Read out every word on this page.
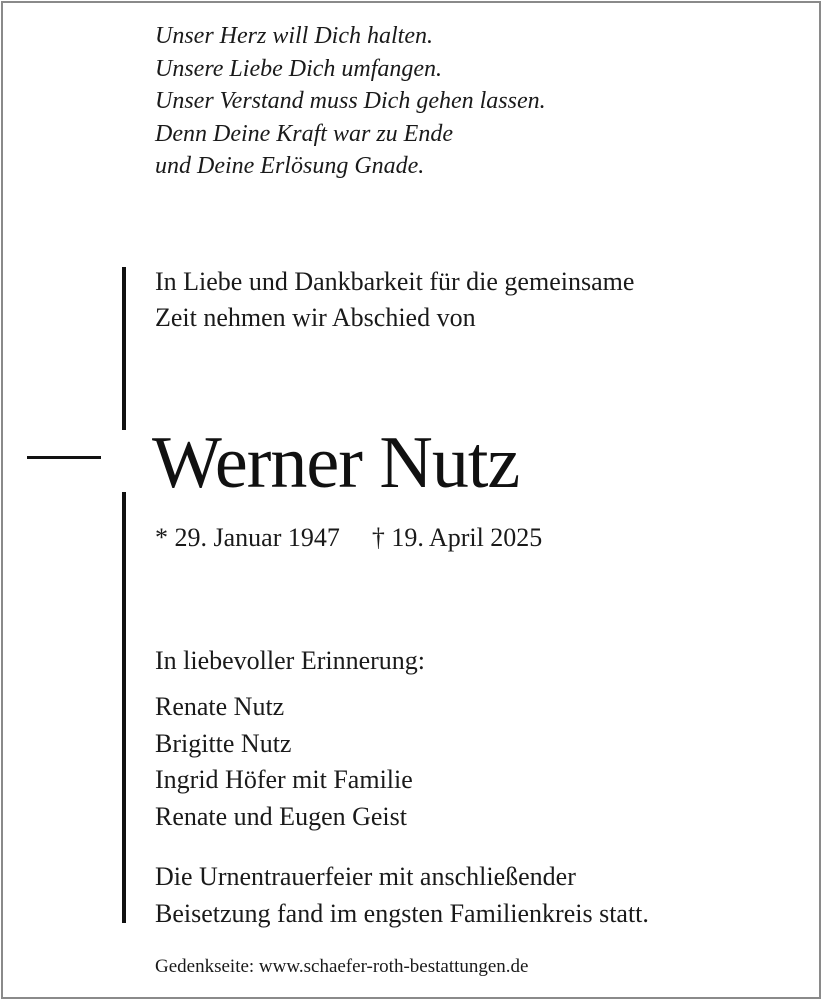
Unser Herz will Dich halten.
Unsere Liebe Dich umfangen.
Unser Verstand muss Dich gehen lassen.
Denn Deine Kraft war zu Ende
und Deine Erlösung Gnade.
In Liebe und Dankbarkeit für die gemeinsame
Zeit nehmen wir Abschied von
Werner Nutz
* 29. Januar 1947 † 19. April 2025
In liebevoller Erinnerung:
Renate Nutz
Brigitte Nutz
Ingrid Höfer mit Familie
Renate und Eugen Geist
Die Urnentrauerfeier mit anschließender
Beisetzung fand im engsten Familienkreis statt.
Gedenkseite: www.schaefer-roth-bestattungen.de
